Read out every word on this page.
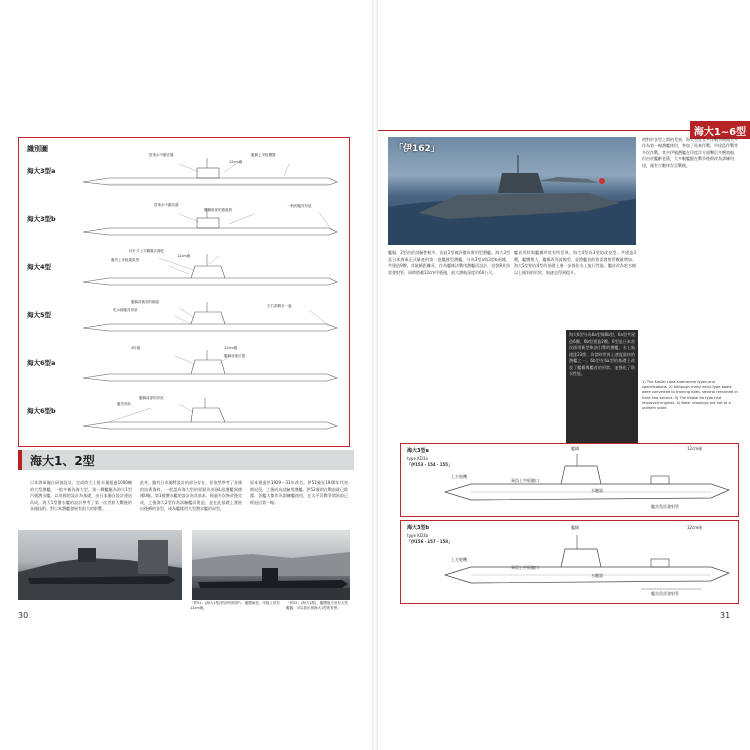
海大1~6型
識別圖
海大3型a
搭乘水中聽音器
12cm砲
艦橋上甲板機器
海大3型b
搭乘水中聽音器
艦橋後部的通風筒
一般的艦首形狀
海大4型
四片式上方翻翼式潛舵
艦首上甲板通氣塔
12cm砲
海大5型
艦橋前後部的鋼索
吃水線艦首形狀
左右兩側各一處
海大6型a
4吋砲	12cm砲
艦橋前後位置
海大6型b
艦橋前部的形狀
艦首形狀
海大1、2型
日本海軍獨自研發設計，完成時大上排水量超過1000噸的大型潛艦，一般多稱為海大型。第一艘艦艇為海大1型呂號潛水艦，以英國的設計為基礎，由日本獨自設計建造而成。海大1型潛水艦的設計參考了第一次世界大戰後的各國技術，對日本潛艦發展有很大的影響。
此外，雖有日本獨特設計的部分存在，但依然參考了各國的技術資料，一般認為海大型的原點為英國L級潛艦與德國U艇。第1號潛水艦的設計為其基本，經過多次修改後完成，之後海大2型作為試驗艦而建造，並在此基礎上發展出後續的各型，成為艦隊用大型潛水艦的原型。
原本建造於1929～33年改名。伊51號在1940年代初期退役，之後成為試驗用潛艦。伊52號則在戰前就已除籍，各艦大都作為訓練艦使用，在太平洋戰爭開始前已經退出第一線。
「伊51」(海大1型)停泊時的照片，艦體細長，甲板上設有12cm砲。
「伊52」(海大2型)，艦體後方設有大型艦橋，可以看出與海大1型的差異。
30
「伊162」
相對於各型之間的差異，海大型在太平洋戰爭期間大多作為第一線潛艦使用，參加了馬來作戰、中途島作戰等多次作戰。其中伊號潛艦在印度洋方面擊沉多艘商船，但由於艦齡老舊，大多數艦艇在戰爭後期改為訓練用途，僅有少數倖存至戰後。
1) The Kaidai class submarine types and specifications. 2) Although many early-type boats were converted to training roles, several remained in front-line service. 3) The Kaidai 6a type had improved engines. 4) Note: drawings are not to a uniform scale.
艦艇，2型由於試驗性較多，因此1型被評價為實用型潛艦。海大3型是日本海軍正式量產的第一批艦隊型潛艦，分為3型a與3型b兩種，共建造9艘。其航續距離長，作為艦隊決戰用潛艦而設計，安裝8具魚雷發射管，同時搭載12cm甲板砲，最大潛航深度約60公尺。
艦首形狀與艦橋形狀有所差異。海大4型為3型的改良型，共建造3艘，艦體稍大，艦橋改為流線型，並將艦首的魚雷發射管數量增加。海大5型則在4型的基礎上進一步強化水上航行性能，艦首改為吃水線以上傾斜的形狀，航速也得到提升。
海大6型分為6a型與6b型，6a型共建造6艘，6b型建造2艘。6型是日本首次採用新型柴油引擎的潛艦，水上航速達23節，為當時世界上速度最快的潛艦之一。6b型在6a型的基礎上改良了艦橋與艦首的形狀，並強化了防水性能。
海大3型a
type KD3a
「伊153・154・155」
艦橋	12cm砲
乘員上甲板艙口
水聽器
上方舵機
艦首魚雷發射管
海大3型b
type KD3b
「伊156・157・158」
艦橋	12cm砲
乘員上甲板艙口
水聽器
上方舵機
艦首魚雷發射管
31
